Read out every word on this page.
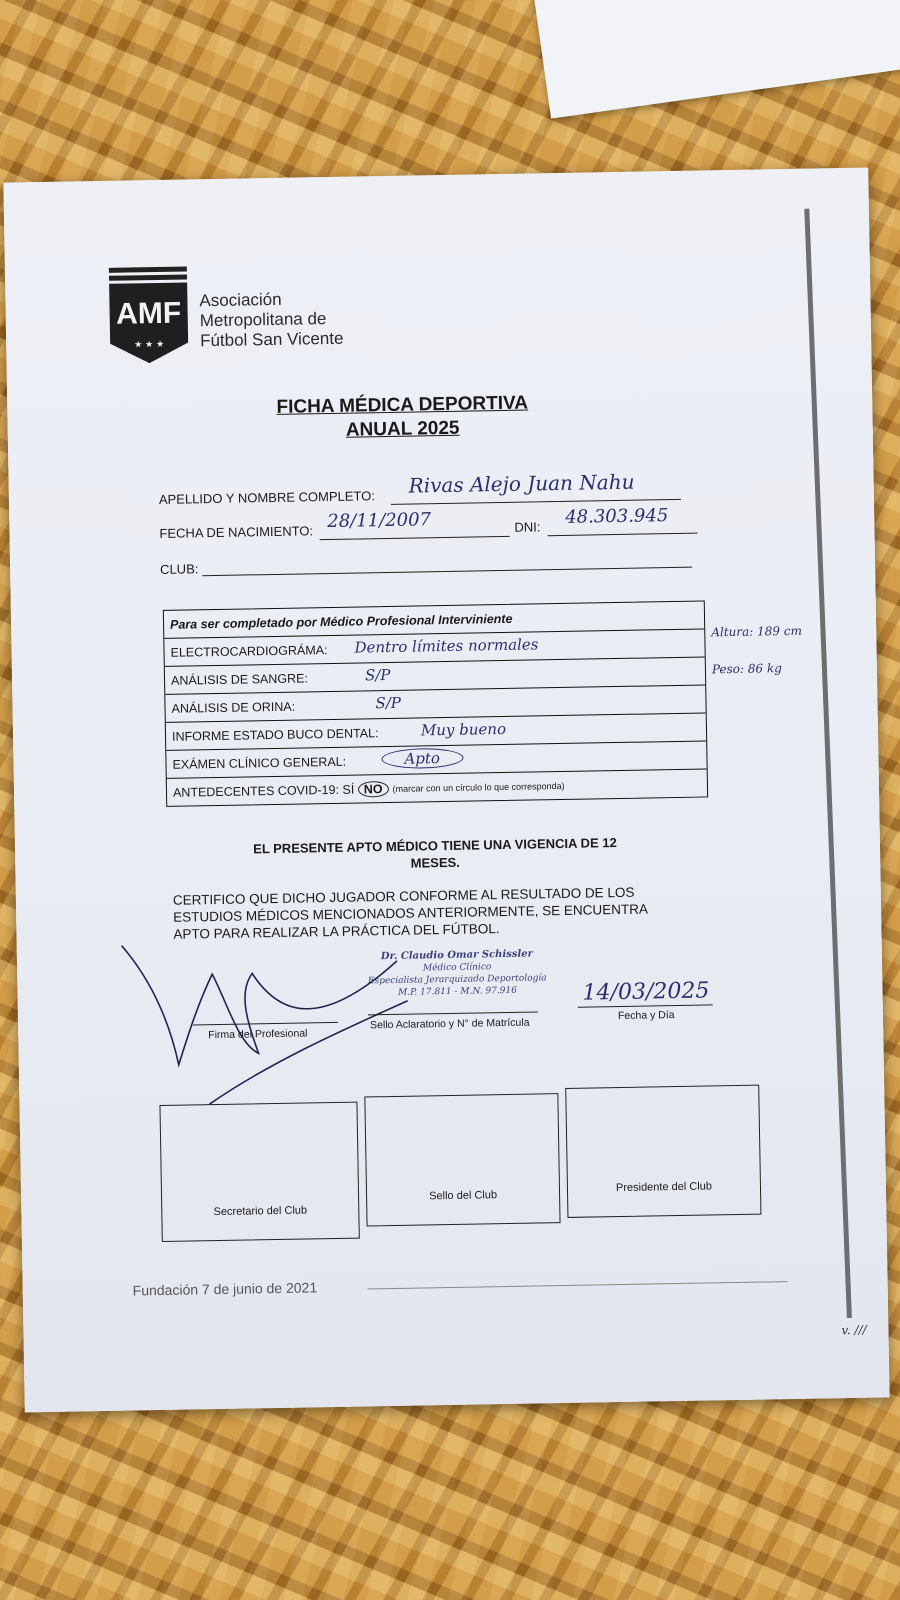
AMF
★ ★ ★
Asociación
Metropolitana de
Fútbol San Vicente
FICHA MÉDICA DEPORTIVA
ANUAL 2025
APELLIDO Y NOMBRE COMPLETO: Rivas Alejo Juan Nahu
FECHA DE NACIMIENTO:
28/11/2007	DNI: 48.303.945
CLUB:
Para ser completado por Médico Profesional Interviniente
ELECTROCARDIOGRÁMA: Dentro límites normales
ANÁLISIS DE SANGRE:	S/P
ANÁLISIS DE ORINA:	S/P
INFORME ESTADO BUCO DENTAL:	Muy bueno
EXÁMEN CLÍNICO GENERAL:	Apto
ANTEDECENTES COVID-19:
SÍ
NO	(marcar con un círculo lo que corresponda)
Altura: 189 cm
Peso: 86 kg
EL PRESENTE APTO MÉDICO TIENE UNA VIGENCIA DE 12
MESES.
CERTIFICO QUE DICHO JUGADOR CONFORME AL RESULTADO DE LOS
ESTUDIOS MÉDICOS MENCIONADOS ANTERIORMENTE, SE ENCUENTRA
APTO PARA REALIZAR LA PRÁCTICA DEL FÚTBOL.
Dr. Claudio Omar Schissler
Médico Clínico
Especialista Jerarquizado Deportología
M.P. 17.811 - M.N. 97.916
Firma del Profesional
Sello Aclaratorio y N° de Matrícula
14/03/2025
Fecha y Día
Secretario del Club
Sello del Club
Presidente del Club
Fundación 7 de junio de 2021
v. ///
